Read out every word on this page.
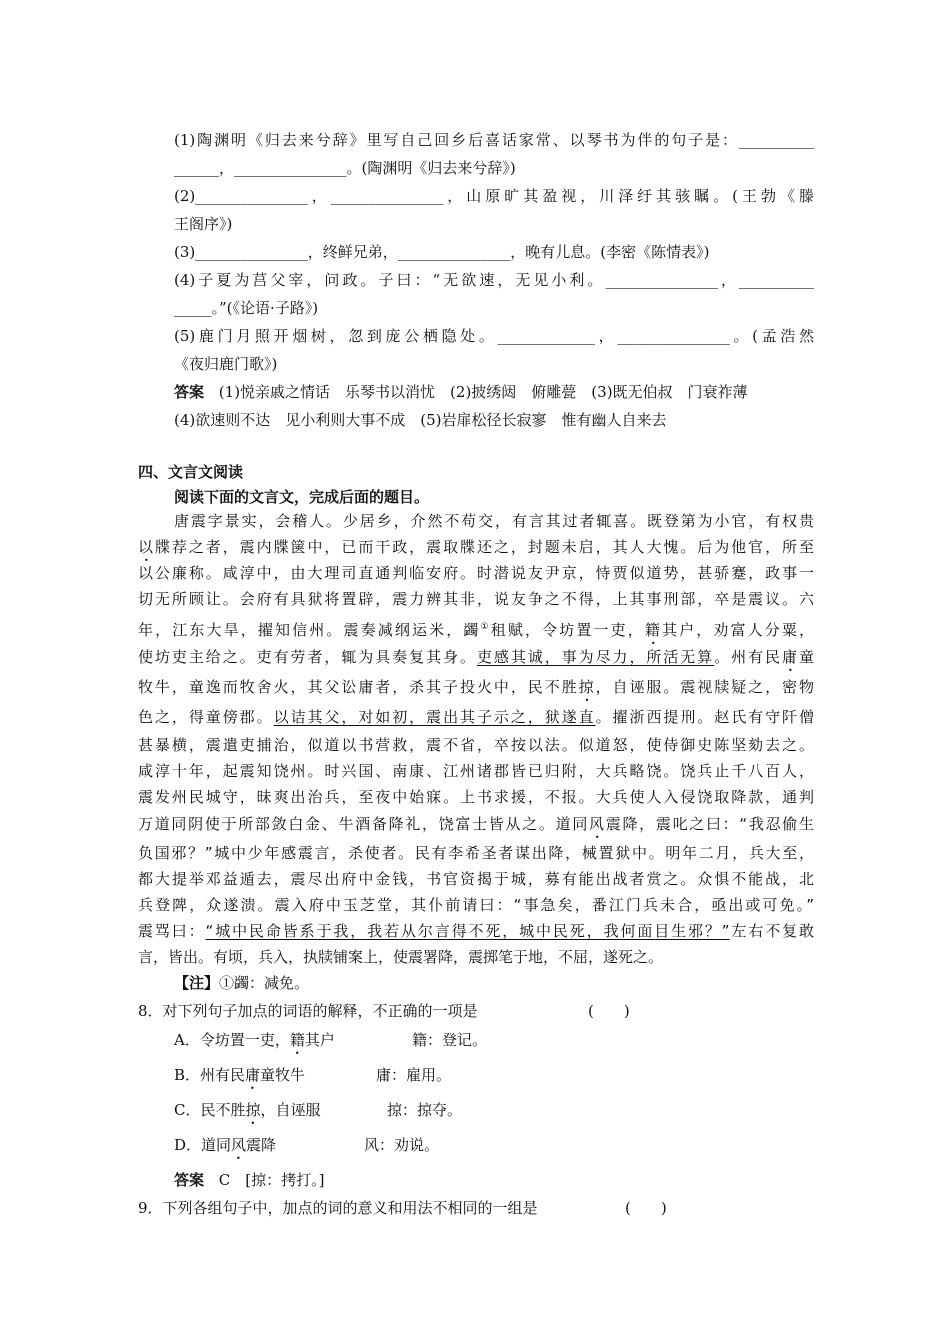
(1)陶渊明《归去来兮辞》里写自己回乡后喜话家常、以琴书为伴的句子是：__________
______，_______________。(陶渊明《归去来兮辞》)
(2)_______________，_______________，山原旷其盈视，川泽纡其骇瞩。(王勃《滕
王阁序》)
(3)_______________，终鲜兄弟，_______________，晚有儿息。(李密《陈情表》)
(4)子夏为莒父宰，问政。子曰：“无欲速，无见小利。_______________，__________
_____。”(《论语·子路》)
(5)鹿门月照开烟树，忽到庞公栖隐处。_____________，_______________。(孟浩然
《夜归鹿门歌》)
答案 (1)悦亲戚之情话　乐琴书以消忧　(2)披绣闼　俯雕甍　(3)既无伯叔　门衰祚薄
(4)欲速则不达　见小利则大事不成　(5)岩扉松径长寂寥　惟有幽人自来去
四、文言文阅读
阅读下面的文言文，完成后面的题目。
唐震字景实，会稽人。少居乡，介然不苟交，有言其过者辄喜。既登第为小官，有权贵
以牒荐之者，震内牒箧中，已而干政，震取牒还之，封题未启，其人大愧。后为他官，所至
以公廉称。咸淳中，由大理司直通判临安府。时潜说友尹京，恃贾似道势，甚骄蹇，政事一
切无所顾让。会府有具狱将置辟，震力辨其非，说友争之不得，上其事刑部，卒是震议。六
年，江东大旱，擢知信州。震奏减纲运米，蠲①租赋，令坊置一吏，籍其户，劝富人分粟，
使坊吏主给之。吏有劳者，辄为具奏复其身。吏感其诚，事为尽力，所活无算。州有民庸童
牧牛，童逸而牧舍火，其父讼庸者，杀其子投火中，民不胜掠，自诬服。震视牍疑之，密物
色之，得童傍郡。以诘其父，对如初，震出其子示之，狱遂直。擢浙西提刑。赵氏有守阡僧
甚暴横，震遣吏捕治，似道以书营救，震不省，卒按以法。似道怒，使侍御史陈坚劾去之。
咸淳十年，起震知饶州。时兴国、南康、江州诸郡皆已归附，大兵略饶。饶兵止千八百人，
震发州民城守，昧爽出治兵，至夜中始寐。上书求援，不报。大兵使人入侵饶取降款，通判
万道同阴使于所部敛白金、牛酒备降礼，饶富士皆从之。道同风震降，震叱之曰：“我忍偷生
负国邪？”城中少年感震言，杀使者。民有李希圣者谋出降，械置狱中。明年二月，兵大至，
都大提举邓益遁去，震尽出府中金钱，书官资揭于城，募有能出战者赏之。众惧不能战，北
兵登陴，众遂溃。震入府中玉芝堂，其仆前请曰：“事急矣，番江门兵未合，亟出或可免。”
震骂曰：“城中民命皆系于我，我若从尔言得不死，城中民死，我何面目生邪？”左右不复敢
言，皆出。有顷，兵入，执牍铺案上，使震署降，震掷笔于地，不屈，遂死之。
【注】①蠲：减免。
8．对下列句子加点的词语的解释，不正确的一项是	(　　)
A．令坊置一吏，籍其户	籍：登记。
B．州有民庸童牧牛	庸：雇用。
C．民不胜掠，自诬服	掠：掠夺。
D．道同风震降	风：劝说。
答案 C　[掠：拷打。]
9．下列各组句子中，加点的词的意义和用法不相同的一组是	(　　)
